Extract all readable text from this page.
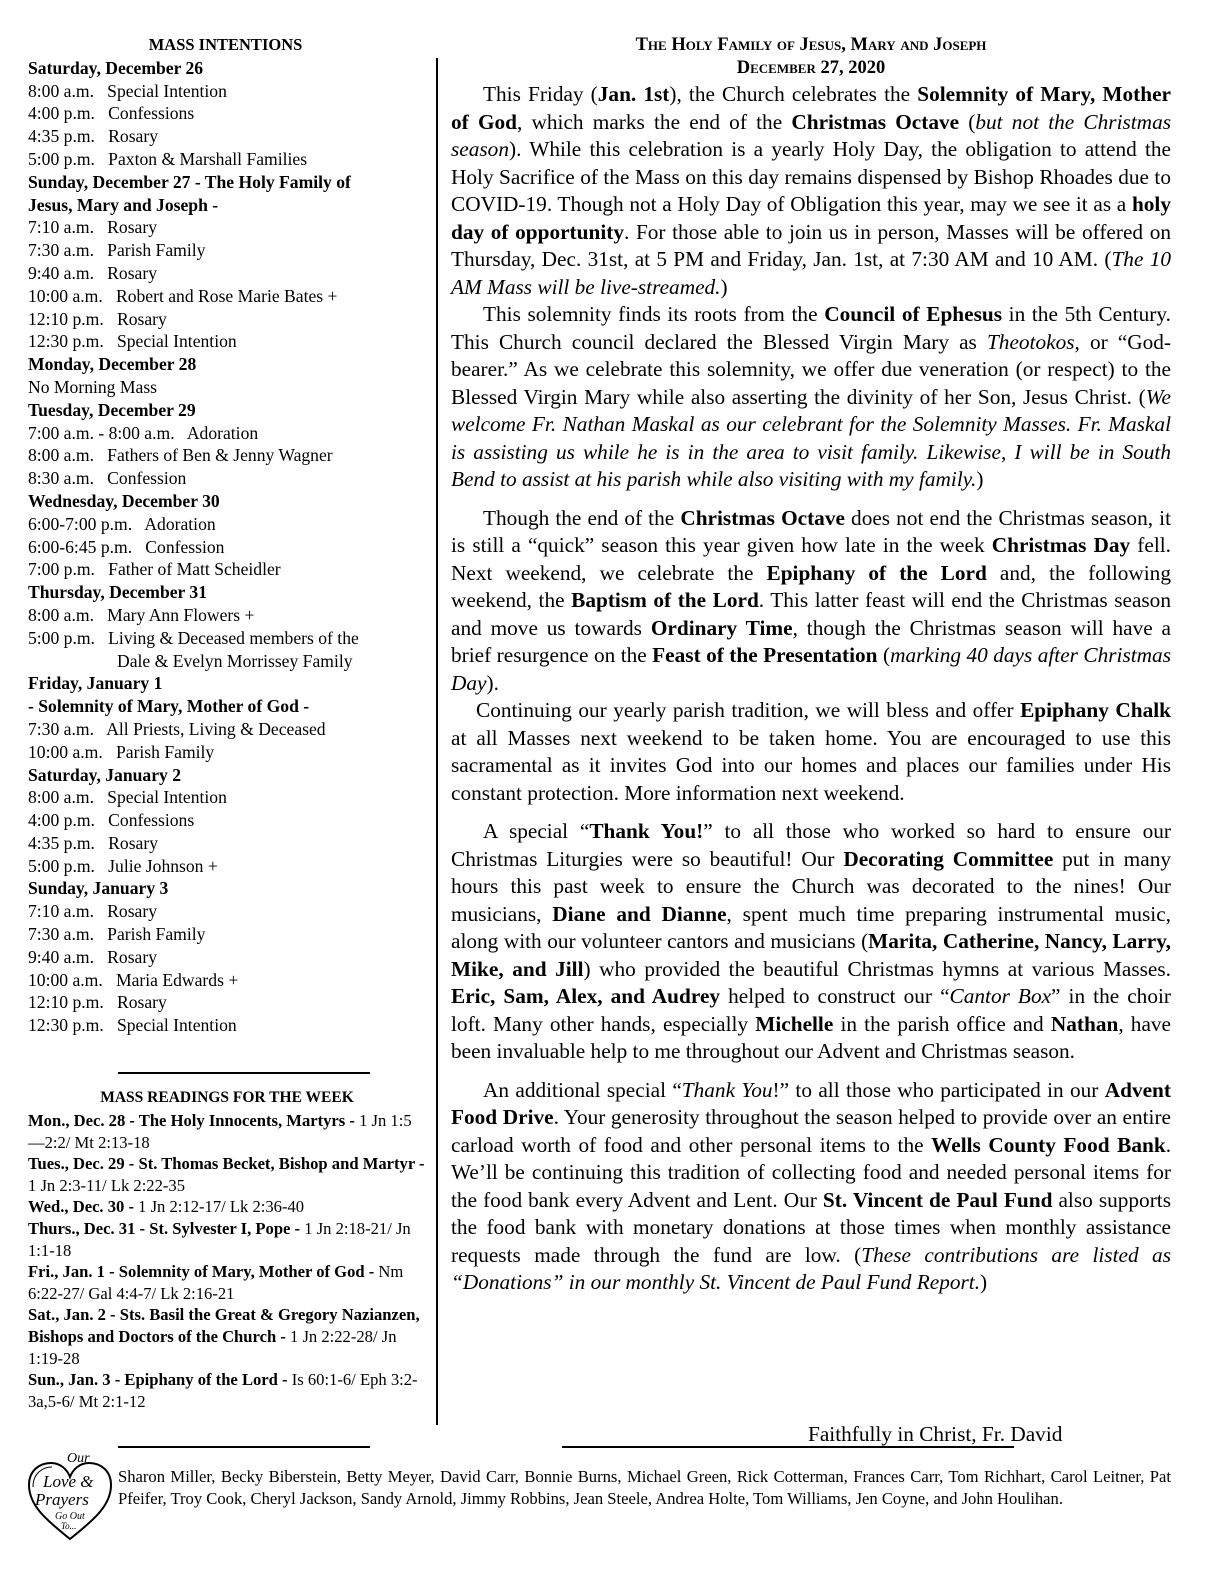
MASS INTENTIONS
Saturday, December 26
8:00 a.m. Special Intention
4:00 p.m. Confessions
4:35 p.m. Rosary
5:00 p.m. Paxton & Marshall Families
Sunday, December 27 - The Holy Family of
Jesus, Mary and Joseph -
7:10 a.m. Rosary
7:30 a.m. Parish Family
9:40 a.m. Rosary
10:00 a.m. Robert and Rose Marie Bates +
12:10 p.m. Rosary
12:30 p.m. Special Intention
Monday, December 28
No Morning Mass
Tuesday, December 29
7:00 a.m. - 8:00 a.m. Adoration
8:00 a.m. Fathers of Ben & Jenny Wagner
8:30 a.m. Confession
Wednesday, December 30
6:00-7:00 p.m. Adoration
6:00-6:45 p.m. Confession
7:00 p.m. Father of Matt Scheidler
Thursday, December 31
8:00 a.m. Mary Ann Flowers +
5:00 p.m. Living & Deceased members of the
Dale & Evelyn Morrissey Family
Friday, January 1
- Solemnity of Mary, Mother of God -
7:30 a.m. All Priests, Living & Deceased
10:00 a.m. Parish Family
Saturday, January 2
8:00 a.m. Special Intention
4:00 p.m. Confessions
4:35 p.m. Rosary
5:00 p.m. Julie Johnson +
Sunday, January 3
7:10 a.m. Rosary
7:30 a.m. Parish Family
9:40 a.m. Rosary
10:00 a.m. Maria Edwards +
12:10 p.m. Rosary
12:30 p.m. Special Intention
MASS READINGS FOR THE WEEK

Mon., Dec. 28 - The Holy Innocents, Martyrs - 1 Jn 1:5—2:2/ Mt 2:13-18

Tues., Dec. 29 - St. Thomas Becket, Bishop and Martyr - 1 Jn 2:3-11/ Lk 2:22-35

Wed., Dec. 30 - 1 Jn 2:12-17/ Lk 2:36-40

Thurs., Dec. 31 - St. Sylvester I, Pope - 1 Jn 2:18-21/ Jn 1:1-18

Fri., Jan. 1 - Solemnity of Mary, Mother of God - Nm 6:22-27/ Gal 4:4-7/ Lk 2:16-21

Sat., Jan. 2 - Sts. Basil the Great & Gregory Nazianzen, Bishops and Doctors of the Church - 1 Jn 2:22-28/ Jn 1:19-28

Sun., Jan. 3 - Epiphany of the Lord - Is 60:1-6/ Eph 3:2-3a,5-6/ Mt 2:1-12

The Holy Family of Jesus, Mary and Joseph
December 27, 2020

This Friday (Jan. 1st), the Church celebrates the Solemnity of Mary, Mother of God, which marks the end of the Christmas Octave (but not the Christmas season). While this celebration is a yearly Holy Day, the obligation to attend the Holy Sacrifice of the Mass on this day remains dispensed by Bishop Rhoades due to COVID-19. Though not a Holy Day of Obligation this year, may we see it as a holy day of opportunity. For those able to join us in person, Masses will be offered on Thursday, Dec. 31st, at 5 PM and Friday, Jan. 1st, at 7:30 AM and 10 AM. (The 10 AM Mass will be live-streamed.)

This solemnity finds its roots from the Council of Ephesus in the 5th Century. This Church council declared the Blessed Virgin Mary as Theotokos, or “God-bearer.” As we celebrate this solemnity, we offer due veneration (or respect) to the Blessed Virgin Mary while also asserting the divinity of her Son, Jesus Christ. (We welcome Fr. Nathan Maskal as our celebrant for the Solemnity Masses. Fr. Maskal is assisting us while he is in the area to visit family. Likewise, I will be in South Bend to assist at his parish while also visiting with my family.)

Though the end of the Christmas Octave does not end the Christmas season, it is still a “quick” season this year given how late in the week Christmas Day fell. Next weekend, we celebrate the Epiphany of the Lord and, the following weekend, the Baptism of the Lord. This latter feast will end the Christmas season and move us towards Ordinary Time, though the Christmas season will have a brief resurgence on the Feast of the Presentation (marking 40 days after Christmas Day).

Continuing our yearly parish tradition, we will bless and offer Epiphany Chalk at all Masses next weekend to be taken home. You are encouraged to use this sacramental as it invites God into our homes and places our families under His constant protection. More information next weekend.

A special “Thank You!” to all those who worked so hard to ensure our Christmas Liturgies were so beautiful! Our Decorating Committee put in many hours this past week to ensure the Church was decorated to the nines! Our musicians, Diane and Dianne, spent much time preparing instrumental music, along with our volunteer cantors and musicians (Marita, Catherine, Nancy, Larry, Mike, and Jill) who provided the beautiful Christmas hymns at various Masses. Eric, Sam, Alex, and Audrey helped to construct our “Cantor Box” in the choir loft. Many other hands, especially Michelle in the parish office and Nathan, have been invaluable help to me throughout our Advent and Christmas season.

An additional special “Thank You!” to all those who participated in our Advent Food Drive. Your generosity throughout the season helped to provide over an entire carload worth of food and other personal items to the Wells County Food Bank. We’ll be continuing this tradition of collecting food and needed personal items for the food bank every Advent and Lent. Our St. Vincent de Paul Fund also supports the food bank with monetary donations at those times when monthly assistance requests made through the fund are low. (These contributions are listed as “Donations” in our monthly St. Vincent de Paul Fund Report.)

Faithfully in Christ, Fr. David
Our
Love &
Prayers
Go Out
To...
Sharon Miller, Becky Biberstein, Betty Meyer, David Carr, Bonnie Burns, Michael Green, Rick Cotterman, Frances Carr, Tom Richhart, Carol Leitner, Pat Pfeifer, Troy Cook, Cheryl Jackson, Sandy Arnold, Jimmy Robbins, Jean Steele, Andrea Holte, Tom Williams, Jen Coyne, and John Houlihan.
